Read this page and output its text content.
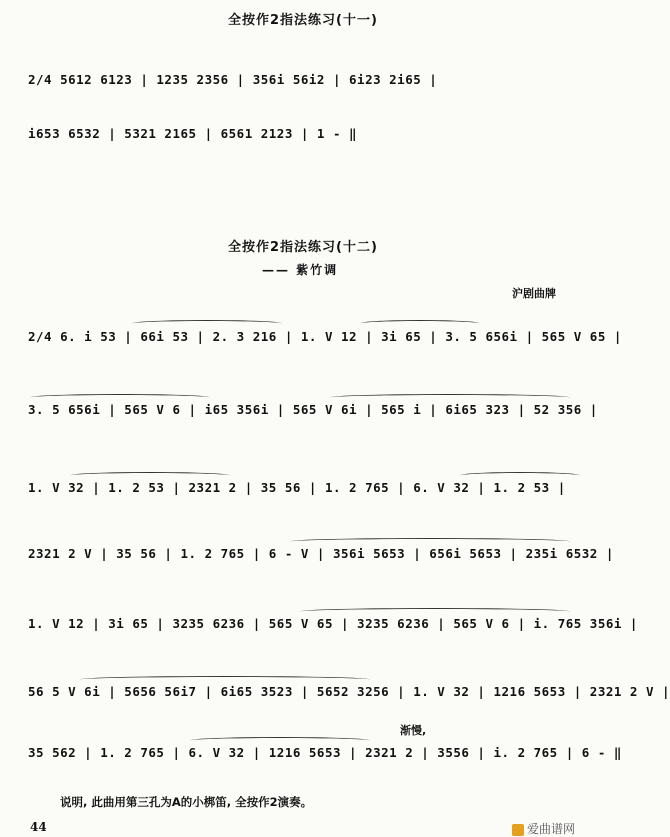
全按作2指法练习(十一)
2/4 5612 6123 | 1235 2356 | 356i 56i2 | 6i23 2i65 |
i653 6532 | 5321 2165 | 6561 2123 | 1 - ‖
全按作2指法练习(十二)
—— 紫竹调
沪剧曲牌
2/4 6. i 53 | 66i 53 | 2. 3 216 | 1. V 12 | 3i 65 | 3. 5 656i | 565 V 65 |
3. 5 656i | 565 V 6 | i65 356i | 565 V 6i | 565 i | 6i65 323 | 52 356 |
1. V 32 | 1. 2 53 | 2321 2 | 35 56 | 1. 2 765 | 6. V 32 | 1. 2 53 |
2321 2 V | 35 56 | 1. 2 765 | 6 - V | 356i 5653 | 656i 5653 | 235i 6532 |
1. V 12 | 3i 65 | 3235 6236 | 565 V 65 | 3235 6236 | 565 V 6 | i. 765 356i |
56 5 V 6i | 5656 56i7 | 6i65 3523 | 5652 3256 | 1. V 32 | 1216 5653 | 2321 2 V |
渐慢,
35 562 | 1. 2 765 | 6. V 32 | 1216 5653 | 2321 2 | 3556 | i. 2 765 | 6 - ‖
说明, 此曲用第三孔为A的小梆笛, 全按作2演奏。
44	爱曲谱网
